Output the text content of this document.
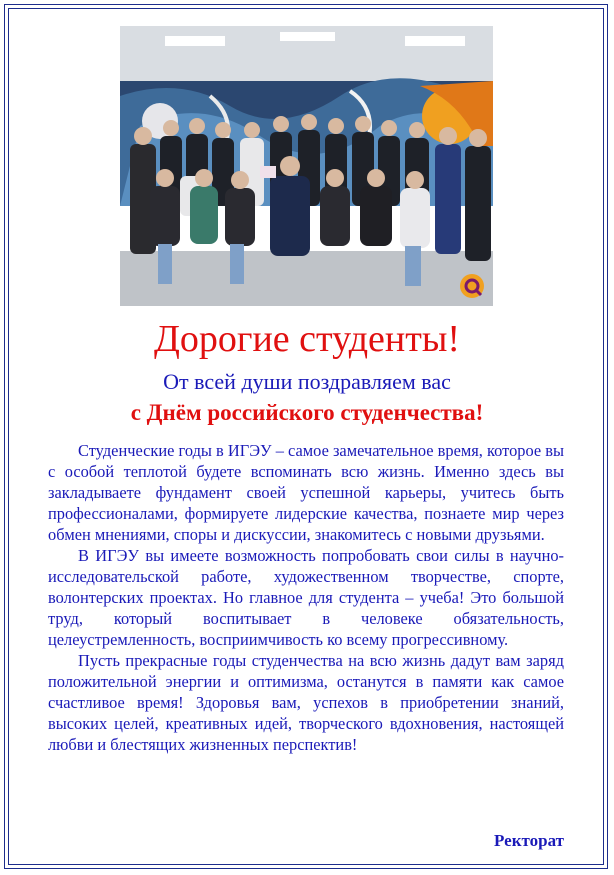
Дорогие студенты!
От всей души поздравляем вас
с Днём российского студенчества!

Студенческие годы в ИГЭУ – самое замечательное время, которое вы с особой теплотой будете вспоминать всю жизнь. Именно здесь вы закладываете фундамент своей успешной карьеры, учитесь быть профессионалами, формируете лидерские качества, познаете мир через обмен мнениями, споры и дискуссии, знакомитесь с новыми друзьями.

В ИГЭУ вы имеете возможность попробовать свои силы в научно-исследовательской работе, художественном творчестве, спорте, волонтерских проектах. Но главное для студента – учеба! Это большой труд, который воспитывает в человеке обязательность, целеустремленность, восприимчивость ко всему прогрессивному.

Пусть прекрасные годы студенчества на всю жизнь дадут вам заряд положительной энергии и оптимизма, останутся в памяти как самое счастливое время! Здоровья вам, успехов в приобретении знаний, высоких целей, креативных идей, творческого вдохновения, настоящей любви и блестящих жизненных перспектив!

Ректорат
